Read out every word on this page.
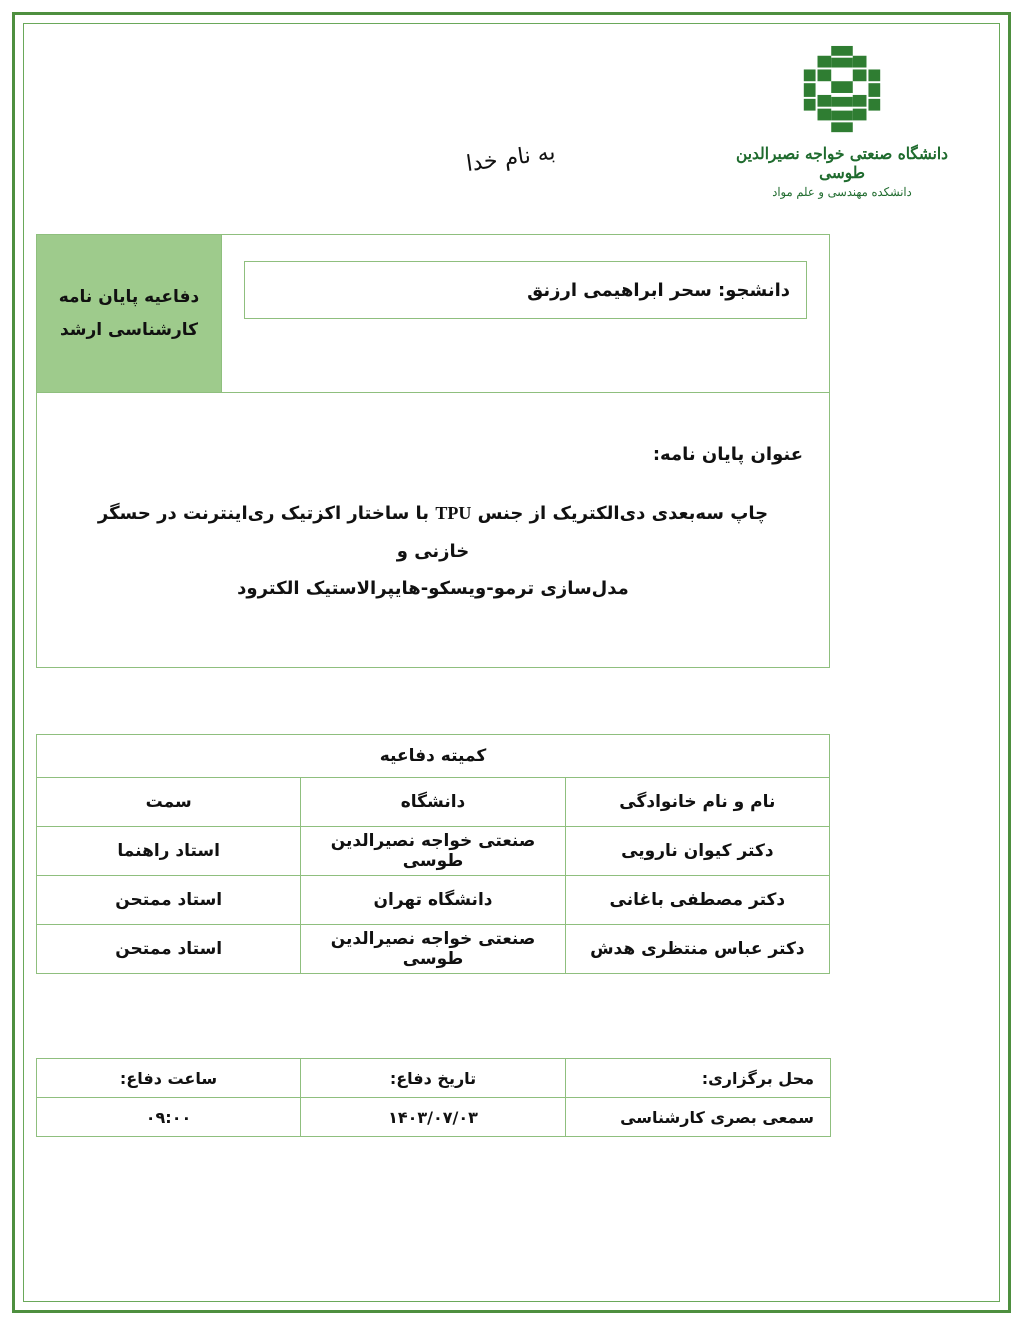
دانشگاه صنعتی خواجه نصیرالدین طوسی
دانشکده مهندسی و علم مواد
به نام خدا
دانشجو: سحر ابراهیمی ارزنق

دفاعیه پایان نامه
کارشناسی ارشد

عنوان پایان نامه:
چاپ سه‌بعدی دی‌الکتریک از جنس TPU با ساختار اکزتیک ری‌اینترنت در حسگر خازنی و
مدل‌سازی ترمو-ویسکو-هایپرالاستیک الکترود
کمیته دفاعیه		
نام و نام خانوادگی	دانشگاه	سمت
دکتر کیوان نارویی	صنعتی خواجه نصیرالدین طوسی	استاد راهنما
دکتر مصطفی باغانی	دانشگاه تهران	استاد ممتحن
دکتر عباس منتظری هدش	صنعتی خواجه نصیرالدین طوسی	استاد ممتحن
محل برگزاری:	تاریخ دفاع:	ساعت دفاع:
سمعی بصری کارشناسی	۱۴۰۳/۰۷/۰۳	۰۹:۰۰
